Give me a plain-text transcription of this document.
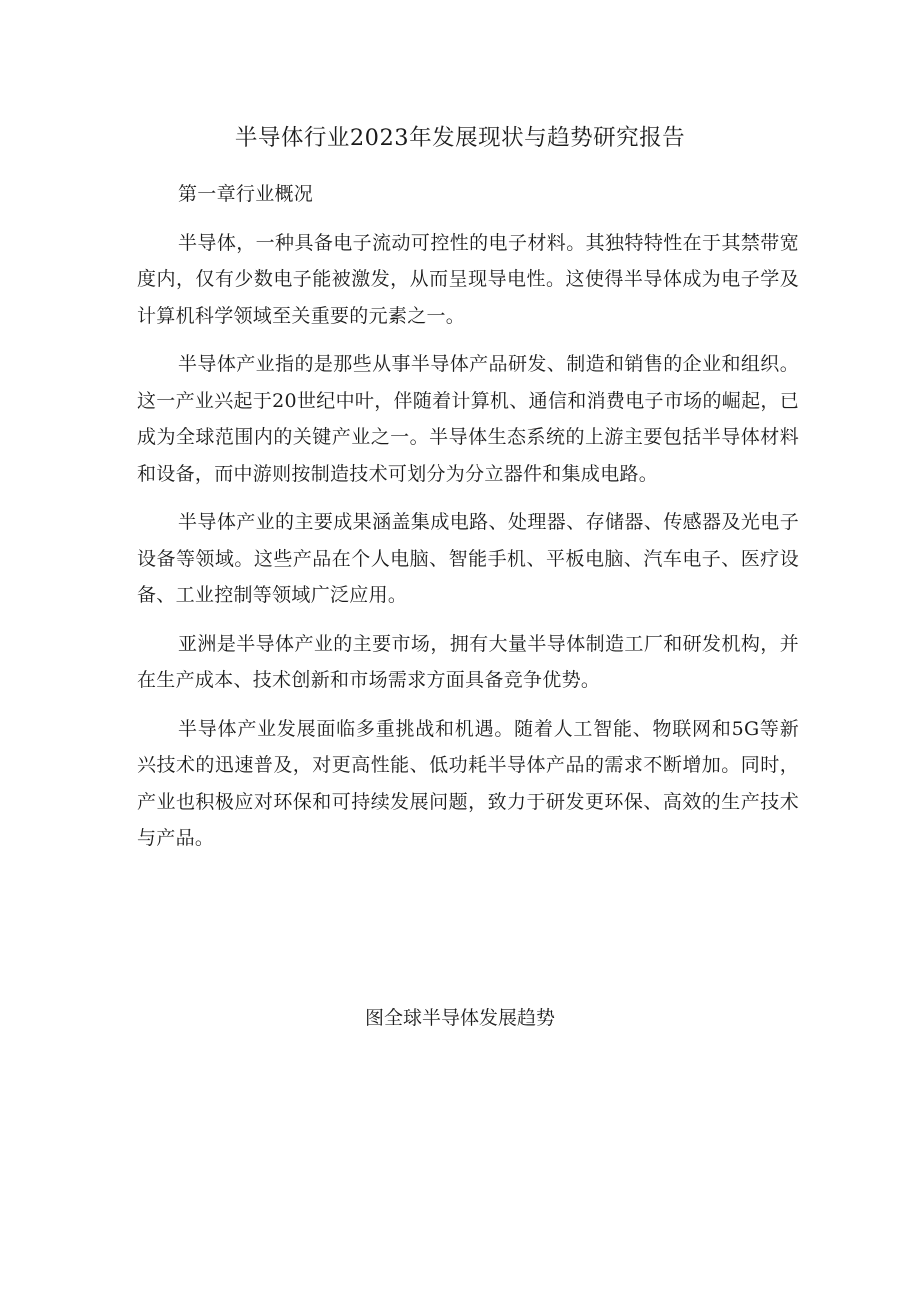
半导体行业2023年发展现状与趋势研究报告

第一章行业概况

半导体，一种具备电子流动可控性的电子材料。其独特特性在于其禁带宽度内，仅有少数电子能被激发，从而呈现导电性。这使得半导体成为电子学及计算机科学领域至关重要的元素之一。

半导体产业指的是那些从事半导体产品研发、制造和销售的企业和组织。这一产业兴起于20世纪中叶，伴随着计算机、通信和消费电子市场的崛起，已成为全球范围内的关键产业之一。半导体生态系统的上游主要包括半导体材料和设备，而中游则按制造技术可划分为分立器件和集成电路。

半导体产业的主要成果涵盖集成电路、处理器、存储器、传感器及光电子设备等领域。这些产品在个人电脑、智能手机、平板电脑、汽车电子、医疗设备、工业控制等领域广泛应用。

亚洲是半导体产业的主要市场，拥有大量半导体制造工厂和研发机构，并在生产成本、技术创新和市场需求方面具备竞争优势。

半导体产业发展面临多重挑战和机遇。随着人工智能、物联网和5G等新兴技术的迅速普及，对更高性能、低功耗半导体产品的需求不断增加。同时，产业也积极应对环保和可持续发展问题，致力于研发更环保、高效的生产技术与产品。

图全球半导体发展趋势
